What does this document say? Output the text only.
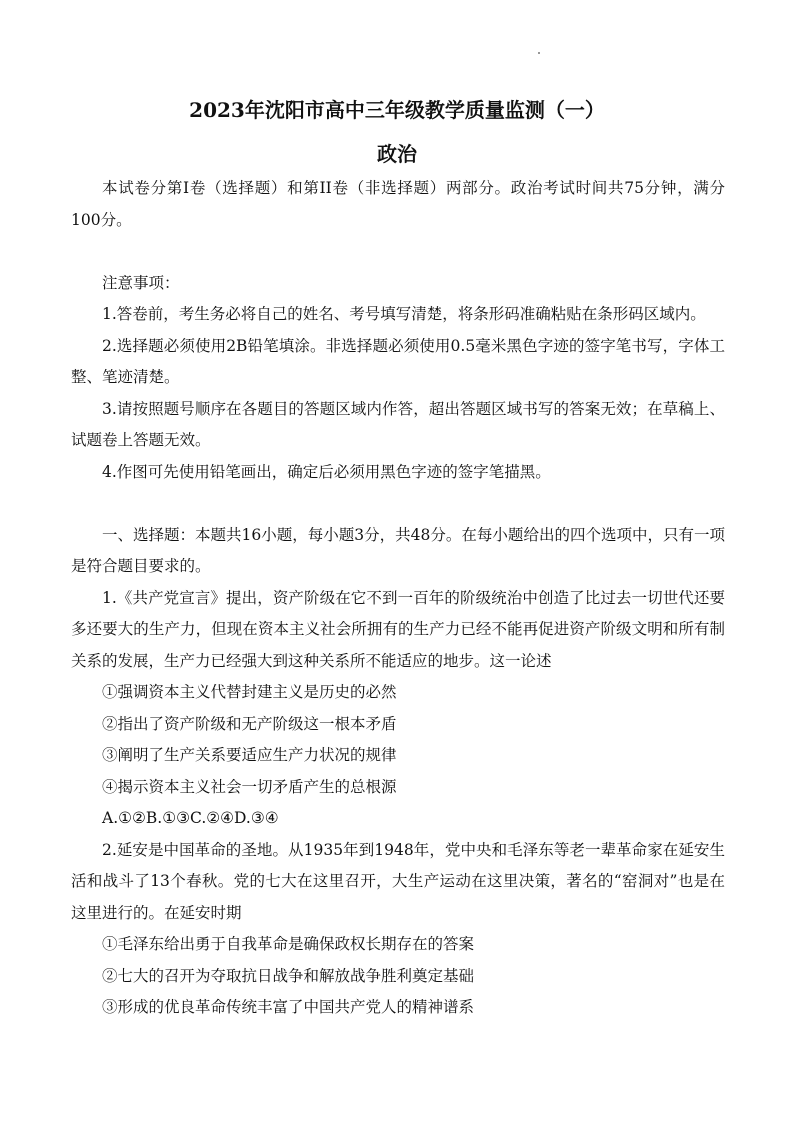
2023年沈阳市高中三年级教学质量监测（一）
政治

本试卷分第I卷（选择题）和第II卷（非选择题）两部分。政治考试时间共75分钟，满分100分。

注意事项：

1.答卷前，考生务必将自己的姓名、考号填写清楚，将条形码准确粘贴在条形码区域内。

2.选择题必须使用2B铅笔填涂。非选择题必须使用0.5毫米黑色字迹的签字笔书写，字体工整、笔迹清楚。

3.请按照题号顺序在各题目的答题区域内作答，超出答题区域书写的答案无效；在草稿上、试题卷上答题无效。

4.作图可先使用铅笔画出，确定后必须用黑色字迹的签字笔描黑。

一、选择题：本题共16小题，每小题3分，共48分。在每小题给出的四个选项中，只有一项是符合题目要求的。

1.《共产党宣言》提出，资产阶级在它不到一百年的阶级统治中创造了比过去一切世代还要多还要大的生产力，但现在资本主义社会所拥有的生产力已经不能再促进资产阶级文明和所有制关系的发展，生产力已经强大到这种关系所不能适应的地步。这一论述

①强调资本主义代替封建主义是历史的必然

②指出了资产阶级和无产阶级这一根本矛盾

③阐明了生产关系要适应生产力状况的规律

④揭示资本主义社会一切矛盾产生的总根源

A.①②B.①③C.②④D.③④

2.延安是中国革命的圣地。从1935年到1948年，党中央和毛泽东等老一辈革命家在延安生活和战斗了13个春秋。党的七大在这里召开，大生产运动在这里决策，著名的“窑洞对”也是在这里进行的。在延安时期

①毛泽东给出勇于自我革命是确保政权长期存在的答案

②七大的召开为夺取抗日战争和解放战争胜利奠定基础

③形成的优良革命传统丰富了中国共产党人的精神谱系
